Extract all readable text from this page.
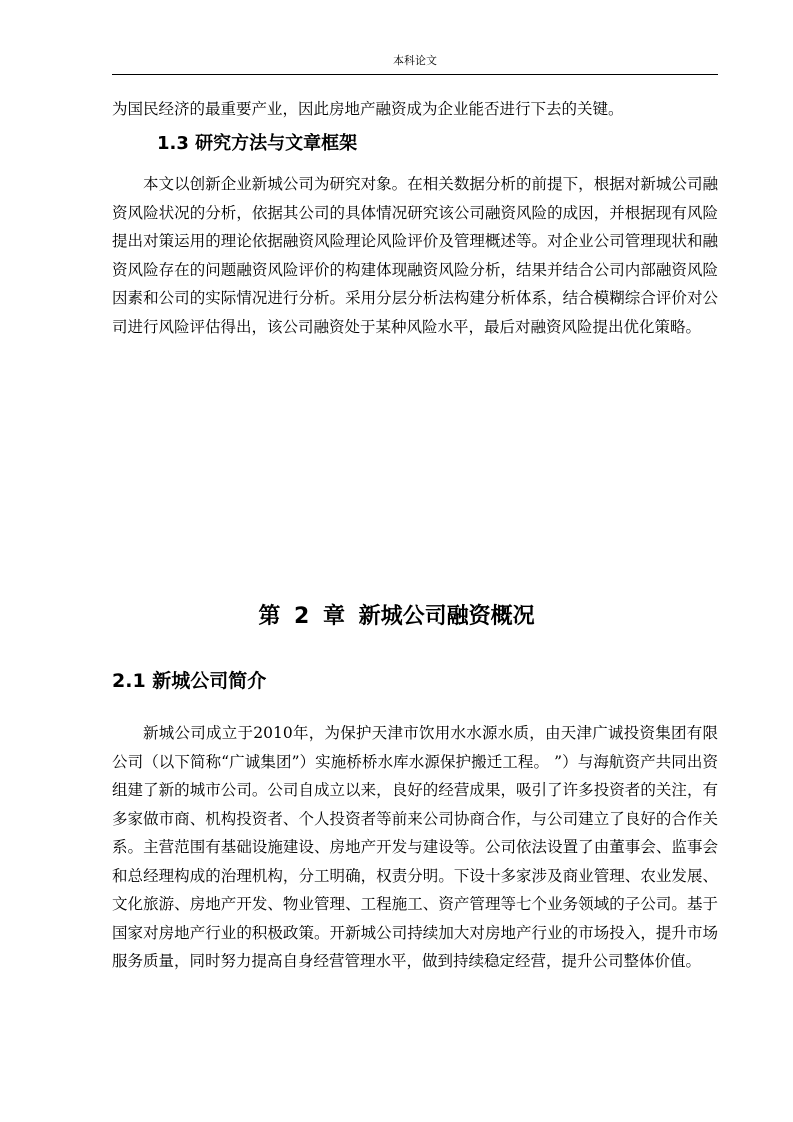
本科论文

为国民经济的最重要产业，因此房地产融资成为企业能否进行下去的关键。

1.3 研究方法与文章框架

本文以创新企业新城公司为研究对象。在相关数据分析的前提下，根据对新城公司融资风险状况的分析，依据其公司的具体情况研究该公司融资风险的成因，并根据现有风险提出对策运用的理论依据融资风险理论风险评价及管理概述等。对企业公司管理现状和融资风险存在的问题融资风险评价的构建体现融资风险分析，结果并结合公司内部融资风险因素和公司的实际情况进行分析。采用分层分析法构建分析体系，结合模糊综合评价对公司进行风险评估得出，该公司融资处于某种风险水平，最后对融资风险提出优化策略。

第 2 章 新城公司融资概况
2.1 新城公司简介

新城公司成立于2010年，为保护天津市饮用水水源水质，由天津广诚投资集团有限公司（以下简称“广诚集团”）实施桥桥水库水源保护搬迁工程。 ”）与海航资产共同出资组建了新的城市公司。公司自成立以来，良好的经营成果，吸引了许多投资者的关注，有多家做市商、机构投资者、个人投资者等前来公司协商合作，与公司建立了良好的合作关系。主营范围有基础设施建设、房地产开发与建设等。公司依法设置了由董事会、监事会和总经理构成的治理机构，分工明确，权责分明。下设十多家涉及商业管理、农业发展、文化旅游、房地产开发、物业管理、工程施工、资产管理等七个业务领域的子公司。基于国家对房地产行业的积极政策。开新城公司持续加大对房地产行业的市场投入，提升市场服务质量，同时努力提高自身经营管理水平，做到持续稳定经营，提升公司整体价值。
